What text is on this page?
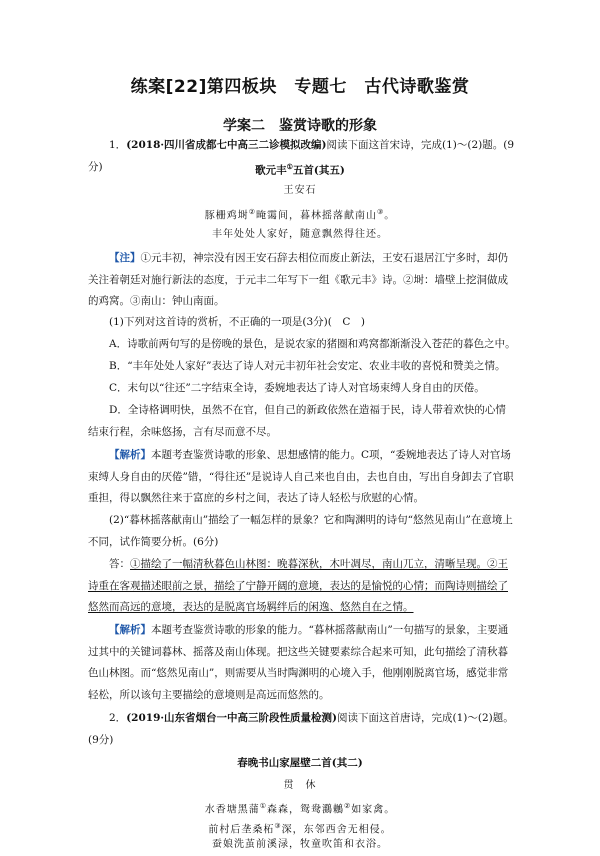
练案[22]第四板块　专题七　古代诗歌鉴赏
学案二　鉴赏诗歌的形象

1．(2018·四川省成都七中高三二诊模拟改编)阅读下面这首宋诗，完成(1)～(2)题。(9分)	歌元丰①五首(其五)

王安石

豚栅鸡埘②晻霭间，暮林摇落献南山③。

丰年处处人家好，随意飘然得往还。

【注】①元丰初，神宗没有因王安石辞去相位而废止新法，王安石退居江宁多时，却仍关注着朝廷对施行新法的态度，于元丰二年写下一组《歌元丰》诗。②埘：墙壁上挖洞做成的鸡窝。③南山：钟山南面。

(1)下列对这首诗的赏析，不正确的一项是(3分)(　C　)

A．诗歌前两句写的是傍晚的景色，是说农家的猪圈和鸡窝都渐渐没入苍茫的暮色之中。

B．“丰年处处人家好”表达了诗人对元丰初年社会安定、农业丰收的喜悦和赞美之情。

C．末句以“往还”二字结束全诗，委婉地表达了诗人对官场束缚人身自由的厌倦。

D．全诗格调明快，虽然不在官，但自己的新政依然在造福于民，诗人带着欢快的心情结束行程，余味悠扬，言有尽而意不尽。

【解析】本题考查鉴赏诗歌的形象、思想感情的能力。C项，“委婉地表达了诗人对官场束缚人身自由的厌倦”错，“得往还”是说诗人自己来也自由，去也自由，写出自身卸去了官职重担，得以飘然往来于富庶的乡村之间，表达了诗人轻松与欣慰的心情。

(2)“暮林摇落献南山”描绘了一幅怎样的景象？它和陶渊明的诗句“悠然见南山”在意境上不同，试作简要分析。(6分)

答：①描绘了一幅清秋暮色山林图：晚暮深秋，木叶凋尽，南山兀立，清晰呈现。②王诗重在客观描述眼前之景，描绘了宁静开阔的意境，表达的是愉悦的心情；而陶诗则描绘了悠然而高远的意境，表达的是脱离官场羁绊后的闲逸、悠然自在之情。

【解析】本题考查鉴赏诗歌的形象的能力。“暮林摇落献南山”一句描写的景象，主要通过其中的关键词暮林、摇落及南山体现。把这些关键要素综合起来可知，此句描绘了清秋暮色山林图。而“悠然见南山”，则需要从当时陶渊明的心境入手，他刚刚脱离官场，感觉非常轻松，所以该句主要描绘的意境则是高远而悠然的。

2．(2019·山东省烟台一中高三阶段性质量检测)阅读下面这首唐诗，完成(1)～(2)题。(9分)

春晚书山家屋壁二首(其二)

贯　休

水香塘黑蒲①森森，鸳鸯鸂鶒②如家禽。

前村后垄桑柘③深，东邻西舍无相侵。

蚕娘洗茧前溪渌，牧童吹笛和衣浴。
